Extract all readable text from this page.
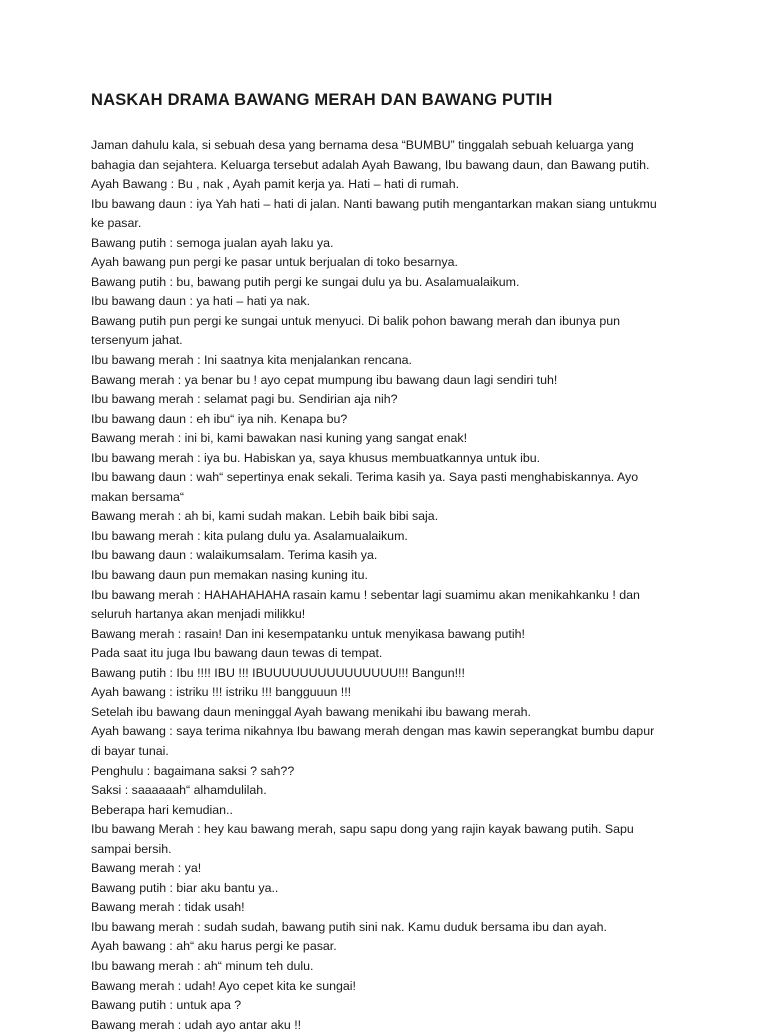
NASKAH DRAMA BAWANG MERAH DAN BAWANG PUTIH
Jaman dahulu kala, si sebuah desa yang bernama desa “BUMBU” tinggalah sebuah keluarga yang
bahagia dan sejahtera. Keluarga tersebut adalah Ayah Bawang, Ibu bawang daun, dan Bawang putih.
Ayah Bawang : Bu , nak , Ayah pamit kerja ya. Hati – hati di rumah.
Ibu bawang daun : iya Yah hati – hati di jalan. Nanti bawang putih mengantarkan makan siang untukmu
ke pasar.
Bawang putih : semoga jualan ayah laku ya.
Ayah bawang pun pergi ke pasar untuk berjualan di toko besarnya.
Bawang putih : bu, bawang putih pergi ke sungai dulu ya bu. Asalamualaikum.
Ibu bawang daun : ya hati – hati ya nak.
Bawang putih pun pergi ke sungai untuk menyuci. Di balik pohon bawang merah dan ibunya pun
tersenyum jahat.
Ibu bawang merah : Ini saatnya kita menjalankan rencana.
Bawang merah : ya benar bu ! ayo cepat mumpung ibu bawang daun lagi sendiri tuh!
Ibu bawang merah : selamat pagi bu. Sendirian aja nih?
Ibu bawang daun : eh ibu“ iya nih. Kenapa bu?
Bawang merah : ini bi, kami bawakan nasi kuning yang sangat enak!
Ibu bawang merah : iya bu. Habiskan ya, saya khusus membuatkannya untuk ibu.
Ibu bawang daun : wah“ sepertinya enak sekali. Terima kasih ya. Saya pasti menghabiskannya. Ayo
makan bersama“
Bawang merah : ah bi, kami sudah makan. Lebih baik bibi saja.
Ibu bawang merah : kita pulang dulu ya. Asalamualaikum.
Ibu bawang daun : walaikumsalam. Terima kasih ya.
Ibu bawang daun pun memakan nasing kuning itu.
Ibu bawang merah : HAHAHAHAHA rasain kamu ! sebentar lagi suamimu akan menikahkanku ! dan
seluruh hartanya akan menjadi milikku!
Bawang merah : rasain! Dan ini kesempatanku untuk menyikasa bawang putih!
Pada saat itu juga Ibu bawang daun tewas di tempat.
Bawang putih : Ibu !!!! IBU !!! IBUUUUUUUUUUUUUUU!!! Bangun!!!
Ayah bawang : istriku !!! istriku !!! bangguuun !!!
Setelah ibu bawang daun meninggal Ayah bawang menikahi ibu bawang merah.
Ayah bawang : saya terima nikahnya Ibu bawang merah dengan mas kawin seperangkat bumbu dapur
di bayar tunai.
Penghulu : bagaimana saksi ? sah??
Saksi : saaaaaah“ alhamdulilah.
Beberapa hari kemudian..
Ibu bawang Merah : hey kau bawang merah, sapu sapu dong yang rajin kayak bawang putih. Sapu
sampai bersih.
Bawang merah : ya!
Bawang putih : biar aku bantu ya..
Bawang merah : tidak usah!
Ibu bawang merah : sudah sudah, bawang putih sini nak. Kamu duduk bersama ibu dan ayah.
Ayah bawang : ah“ aku harus pergi ke pasar.
Ibu bawang merah : ah“ minum teh dulu.
Bawang merah : udah! Ayo cepet kita ke sungai!
Bawang putih : untuk apa ?
Bawang merah : udah ayo antar aku !!
